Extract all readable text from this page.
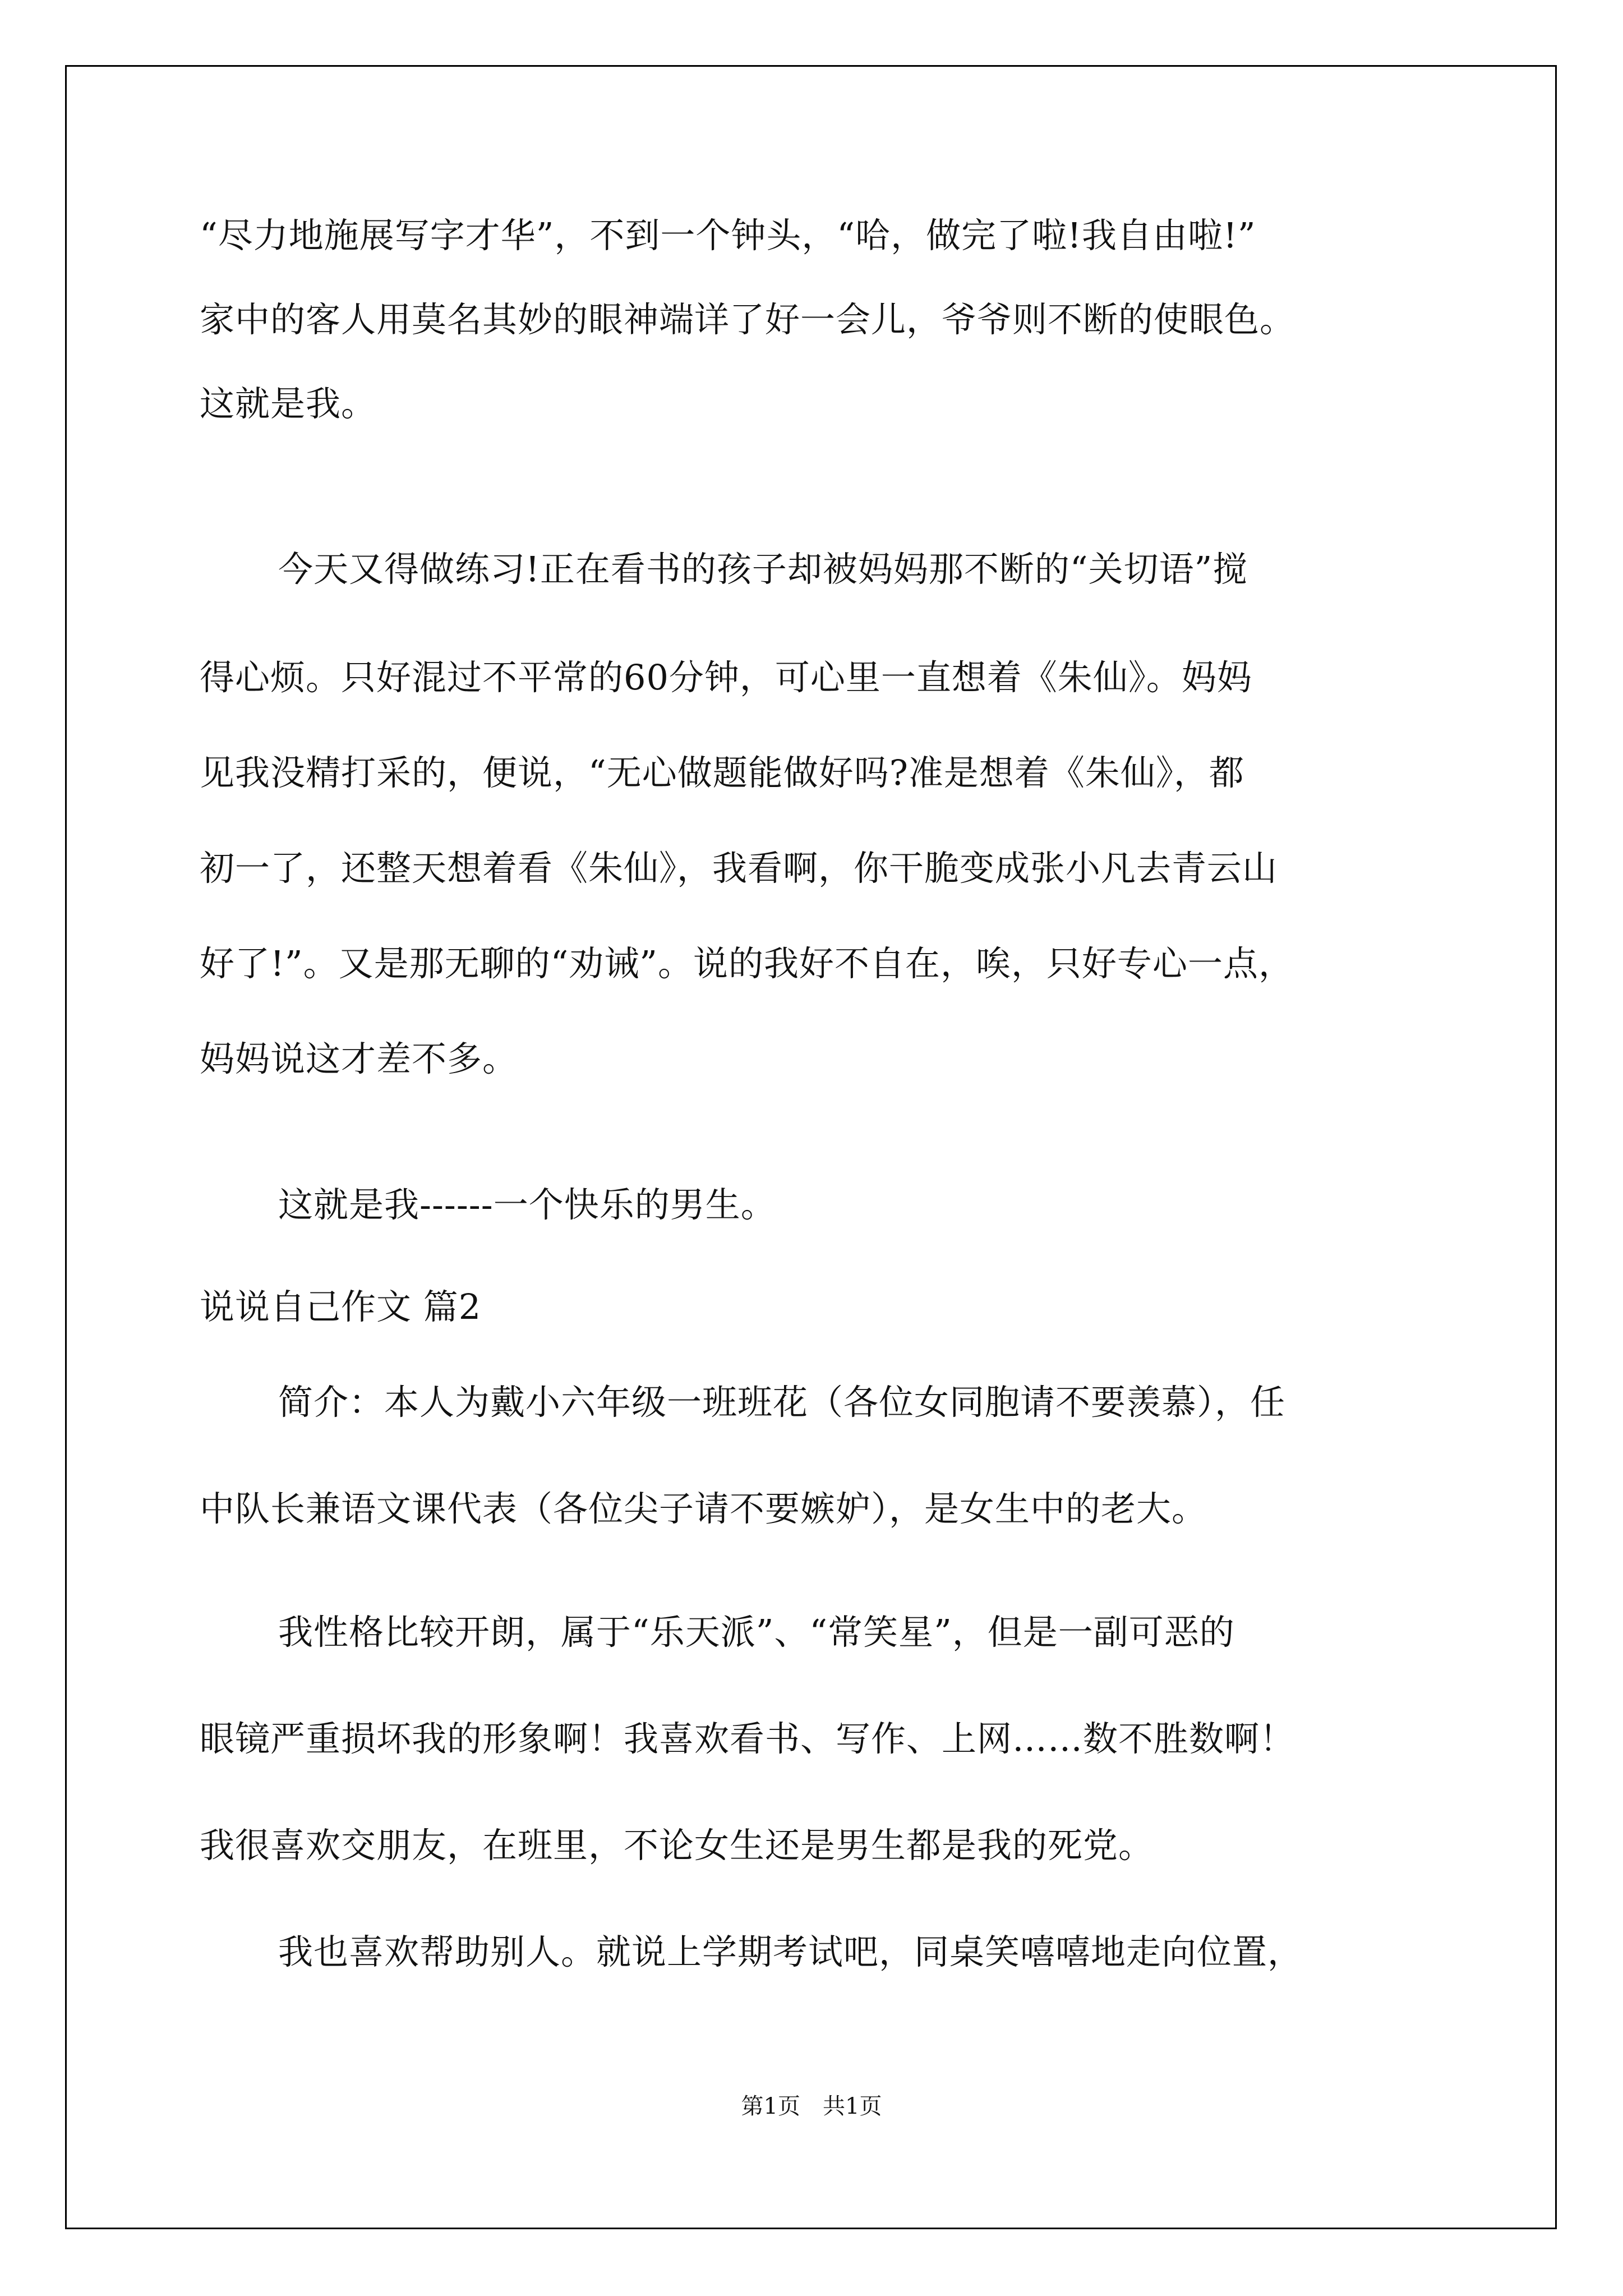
“尽力地施展写字才华”，不到一个钟头，“哈，做完了啦!我自由啦!”
家中的客人用莫名其妙的眼神端详了好一会儿，爷爷则不断的使眼色。
这就是我。
今天又得做练习!正在看书的孩子却被妈妈那不断的“关切语”搅
得心烦。只好混过不平常的60分钟，可心里一直想着《朱仙》。妈妈
见我没精打采的，便说，“无心做题能做好吗?准是想着《朱仙》，都
初一了，还整天想着看《朱仙》，我看啊，你干脆变成张小凡去青云山
好了!”。又是那无聊的“劝诫”。说的我好不自在，唉，只好专心一点，
妈妈说这才差不多。
这就是我------一个快乐的男生。
说说自己作文 篇2
简介：本人为戴小六年级一班班花（各位女同胞请不要羡慕），任
中队长兼语文课代表（各位尖子请不要嫉妒），是女生中的老大。
我性格比较开朗，属于“乐天派”、“常笑星”，但是一副可恶的
眼镜严重损坏我的形象啊！我喜欢看书、写作、上网……数不胜数啊！
我很喜欢交朋友，在班里，不论女生还是男生都是我的死党。
我也喜欢帮助别人。就说上学期考试吧，同桌笑嘻嘻地走向位置，
第1页　共1页
